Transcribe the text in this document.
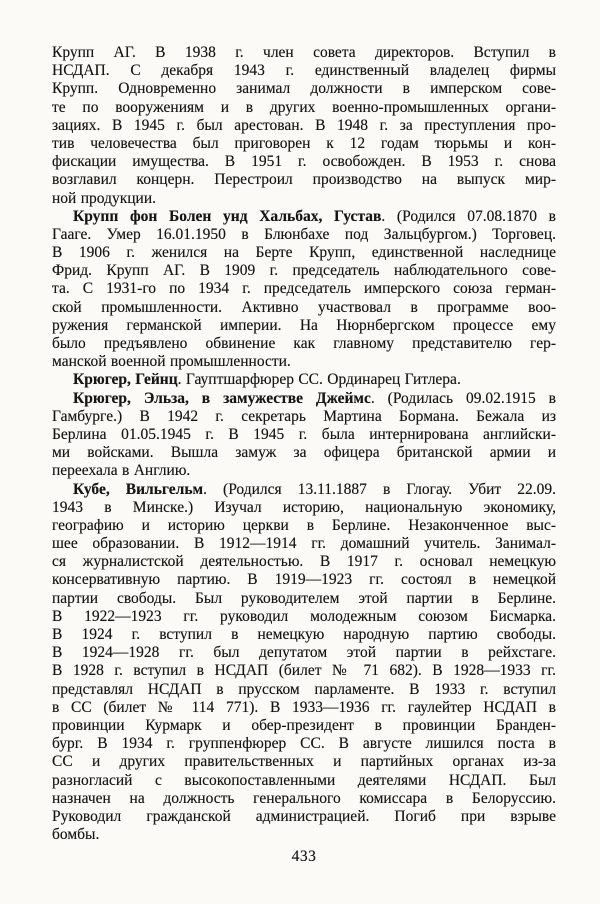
Крупп АГ. В 1938 г. член совета директоров. Вступил в
НСДАП. С декабря 1943 г. единственный владелец фирмы
Крупп. Одновременно занимал должности в имперском сове-
те по вооружениям и в других военно-промышленных органи-
зациях. В 1945 г. был арестован. В 1948 г. за преступления про-
тив человечества был приговорен к 12 годам тюрьмы и кон-
фискации имущества. В 1951 г. освобожден. В 1953 г. снова
возглавил концерн. Перестроил производство на выпуск мир-
ной продукции.
Крупп фон Болен унд Хальбах, Густав. (Родился 07.08.1870 в
Гааге. Умер 16.01.1950 в Блюнбахе под Зальцбургом.) Торговец.
В 1906 г. женился на Берте Крупп, единственной наследнице
Фрид. Крупп АГ. В 1909 г. председатель наблюдательного сове-
та. С 1931-го по 1934 г. председатель имперского союза герман-
ской промышленности. Активно участвовал в программе воо-
ружения германской империи. На Нюрнбергском процессе ему
было предъявлено обвинение как главному представителю гер-
манской военной промышленности.
Крюгер, Гейнц. Гауптшарфюрер СС. Ординарец Гитлера.
Крюгер, Эльза, в замужестве Джеймс. (Родилась 09.02.1915 в
Гамбурге.) В 1942 г. секретарь Мартина Бормана. Бежала из
Берлина 01.05.1945 г. В 1945 г. была интернирована английски-
ми войсками. Вышла замуж за офицера британской армии и
переехала в Англию.
Кубе, Вильгельм. (Родился 13.11.1887 в Глогау. Убит 22.09.
1943 в Минске.) Изучал историю, национальную экономику,
географию и историю церкви в Берлине. Незаконченное выс-
шее образовании. В 1912—1914 гг. домашний учитель. Занимал-
ся журналистской деятельностью. В 1917 г. основал немецкую
консервативную партию. В 1919—1923 гг. состоял в немецкой
партии свободы. Был руководителем этой партии в Берлине.
В 1922—1923 гг. руководил молодежным союзом Бисмарка.
В 1924 г. вступил в немецкую народную партию свободы.
В 1924—1928 гг. был депутатом этой партии в рейхстаге.
В 1928 г. вступил в НСДАП (билет № 71 682). В 1928—1933 гг.
представлял НСДАП в прусском парламенте. В 1933 г. вступил
в СС (билет № 114 771). В 1933—1936 гг. гаулейтер НСДАП в
провинции Курмарк и обер-президент в провинции Бранден-
бург. В 1934 г. группенфюрер СС. В августе лишился поста в
СС и других правительственных и партийных органах из-за
разногласий с высокопоставленными деятелями НСДАП. Был
назначен на должность генерального комиссара в Белоруссию.
Руководил гражданской администрацией. Погиб при взрыве
бомбы.
433
